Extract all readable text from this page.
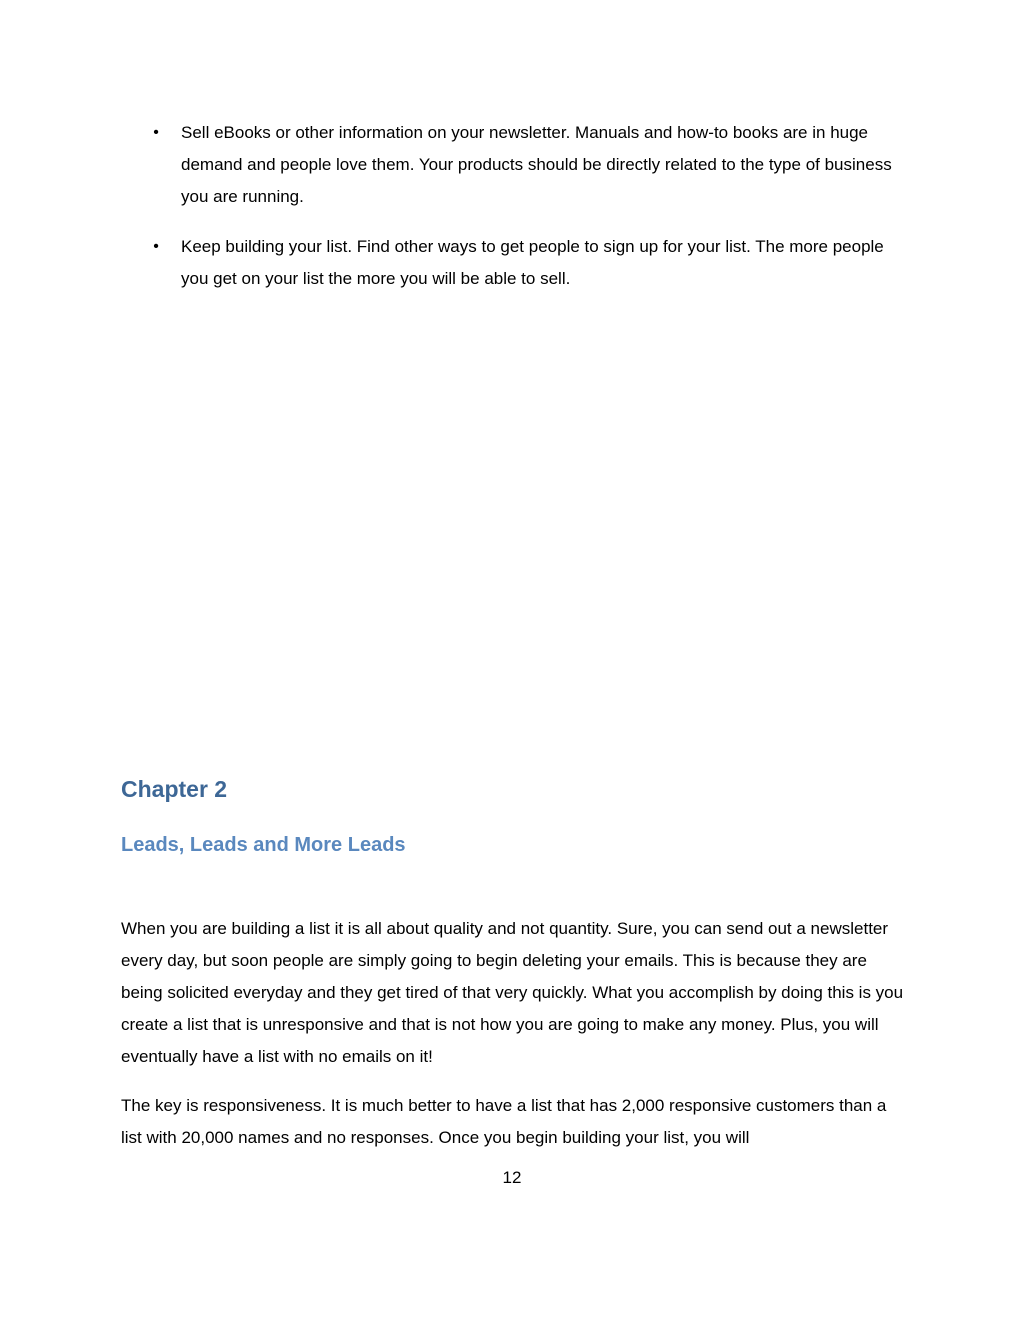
• Sell eBooks or other information on your newsletter. Manuals and how-to books are in huge demand and people love them. Your products should be directly related to the type of business you are running.
• Keep building your list. Find other ways to get people to sign up for your list. The more people you get on your list the more you will be able to sell.
Chapter 2
Leads, Leads and More Leads

When you are building a list it is all about quality and not quantity. Sure, you can send out a newsletter every day, but soon people are simply going to begin deleting your emails. This is because they are being solicited everyday and they get tired of that very quickly. What you accomplish by doing this is you create a list that is unresponsive and that is not how you are going to make any money. Plus, you will eventually have a list with no emails on it!

The key is responsiveness. It is much better to have a list that has 2,000 responsive customers than a list with 20,000 names and no responses. Once you begin building your list, you will

12
